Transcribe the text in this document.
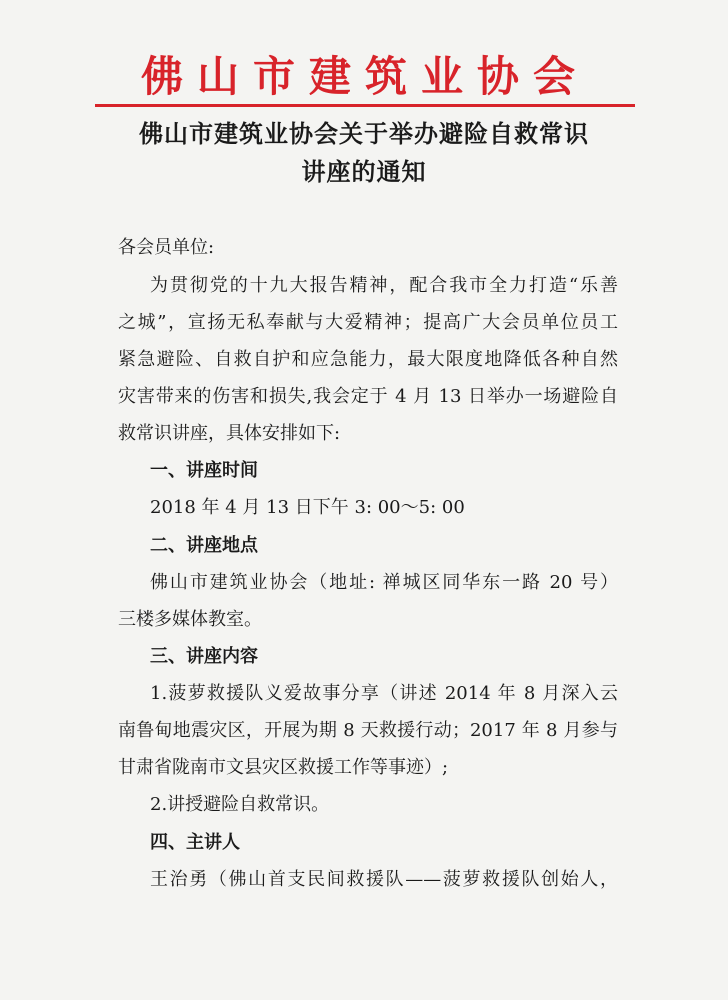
佛山市建筑业协会
佛山市建筑业协会关于举办避险自救常识
讲座的通知
各会员单位:
为贯彻党的十九大报告精神，配合我市全力打造“乐善
之城”，宣扬无私奉献与大爱精神；提高广大会员单位员工
紧急避险、自救自护和应急能力，最大限度地降低各种自然
灾害带来的伤害和损失,我会定于 4 月 13 日举办一场避险自
救常识讲座，具体安排如下:
一、讲座时间
2018 年 4 月 13 日下午 3: 00～5: 00
二、讲座地点
佛山市建筑业协会（地址: 禅城区同华东一路 20 号）
三楼多媒体教室。
三、讲座内容
1.菠萝救援队义爱故事分享（讲述 2014 年 8 月深入云
南鲁甸地震灾区，开展为期 8 天救援行动；2017 年 8 月参与
甘肃省陇南市文县灾区救援工作等事迹）;
2.讲授避险自救常识。
四、主讲人
王治勇（佛山首支民间救援队——菠萝救援队创始人，
